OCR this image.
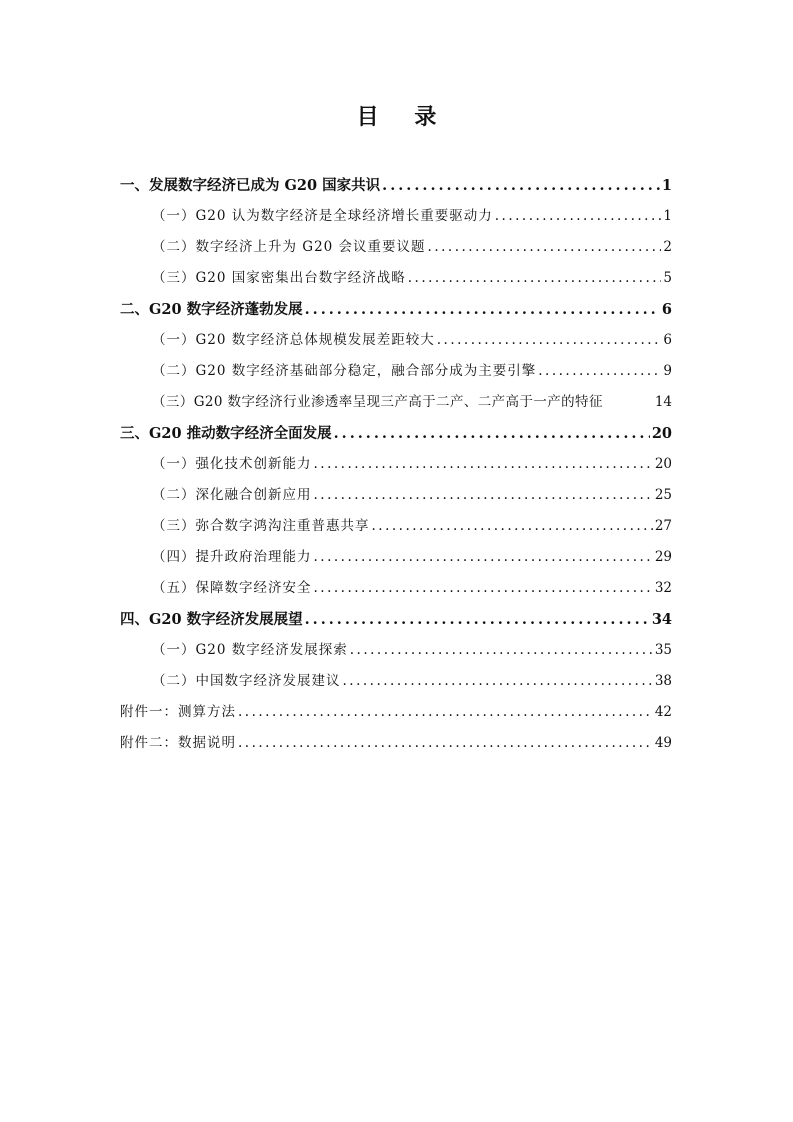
目 录
一、发展数字经济已成为 G20 国家共识 .....	1
（一）G20 认为数字经济是全球经济增长重要驱动力 .....	1
（二）数字经济上升为 G20 会议重要议题 .....	2
（三）G20 国家密集出台数字经济战略 .....	5
二、G20 数字经济蓬勃发展 .....	6
（一）G20 数字经济总体规模发展差距较大 .....	6
（二）G20 数字经济基础部分稳定，融合部分成为主要引擎 .....	9
（三）G20 数字经济行业渗透率呈现三产高于二产、二产高于一产的特征	14
三、G20 推动数字经济全面发展 .....	20
（一）强化技术创新能力 .....	20
（二）深化融合创新应用 .....	25
（三）弥合数字鸿沟注重普惠共享 .....	27
（四）提升政府治理能力 .....	29
（五）保障数字经济安全 .....	32
四、G20 数字经济发展展望 .....	34
（一）G20 数字经济发展探索 .....	35
（二）中国数字经济发展建议 .....	38
附件一：测算方法 .....	42
附件二：数据说明 .....	49
